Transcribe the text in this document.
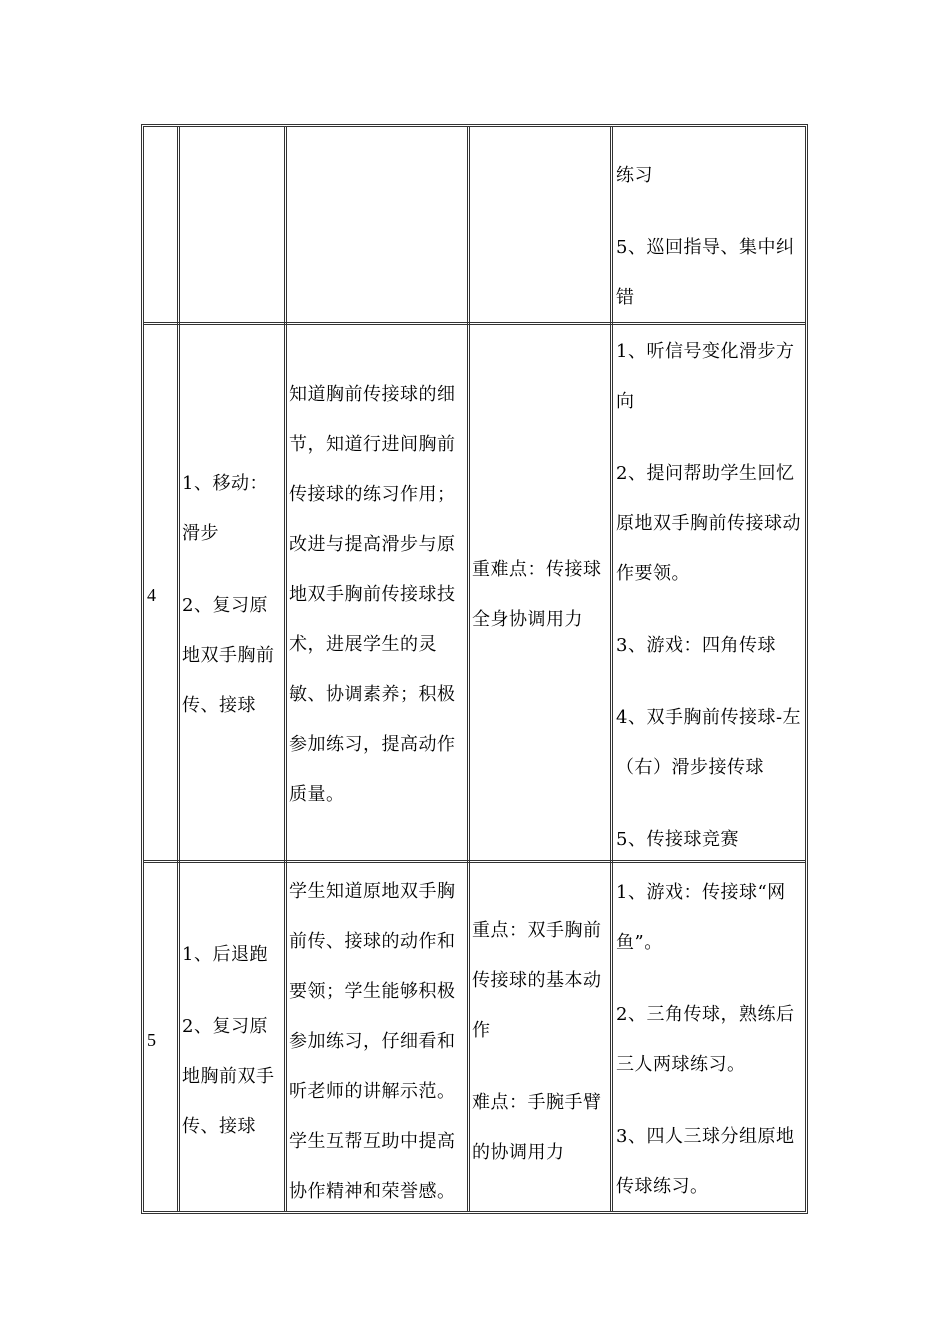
练习
5、巡回指导、集中纠错
4
1、移动：滑步
2、复习原地双手胸前传、接球
知道胸前传接球的细节，知道行进间胸前传接球的练习作用；改进与提高滑步与原地双手胸前传接球技术，进展学生的灵敏、协调素养；积极参加练习，提高动作质量。
重难点：传接球全身协调用力
1、听信号变化滑步方向
2、提问帮助学生回忆原地双手胸前传接球动作要领。
3、游戏：四角传球
4、双手胸前传接球-左（右）滑步接传球
5、传接球竞赛
5
1、后退跑
2、复习原地胸前双手传、接球
学生知道原地双手胸前传、接球的动作和要领；学生能够积极参加练习，仔细看和听老师的讲解示范。学生互帮互助中提高协作精神和荣誉感。
重点：双手胸前传接球的基本动作
难点：手腕手臂的协调用力
1、游戏：传接球“网鱼”。
2、三角传球，熟练后三人两球练习。
3、四人三球分组原地传球练习。
